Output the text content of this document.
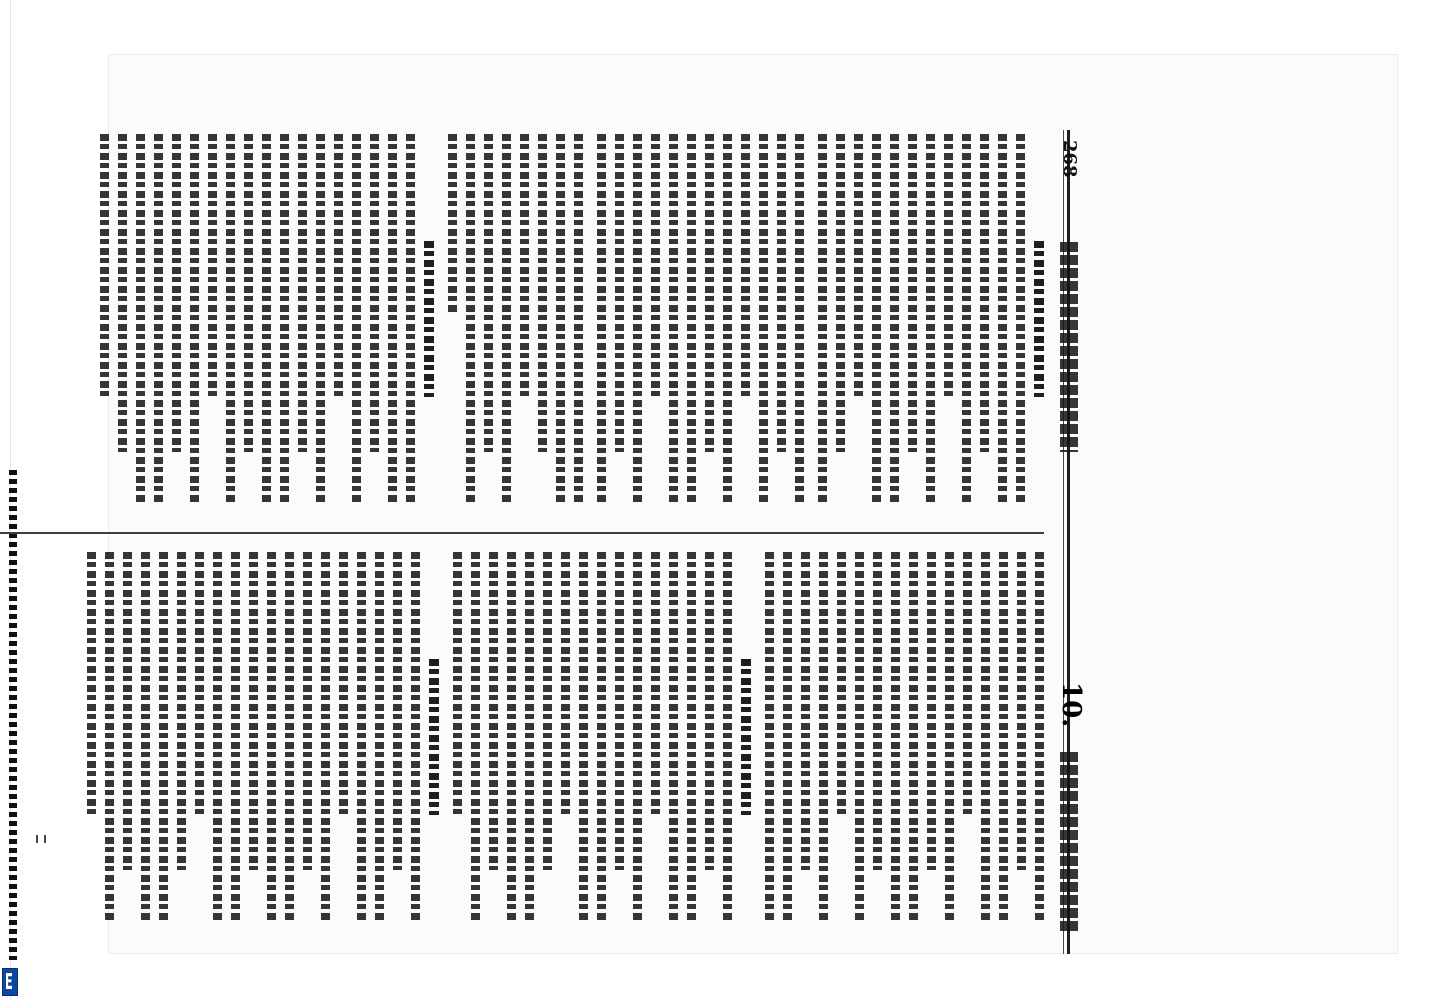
268
10.
